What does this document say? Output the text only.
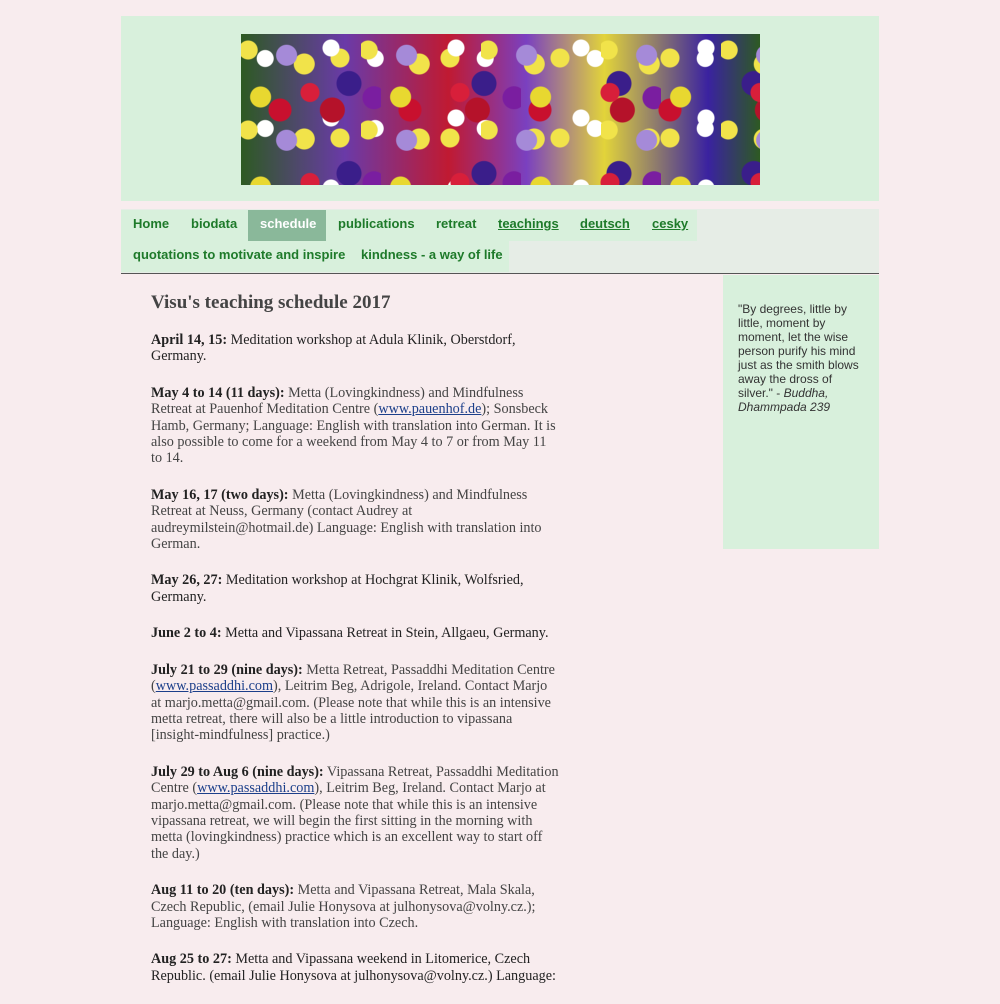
Home	biodata	schedule	publications	retreat	teachings	deutsch	cesky
quotations to motivate and inspire	kindness - a way of life
Visu's teaching schedule 2017

April 14, 15: Meditation workshop at Adula Klinik, Oberstdorf, Germany.

May 4 to 14 (11 days): Metta (Lovingkindness) and Mindfulness Retreat at Pauenhof Meditation Centre (www.pauenhof.de); Sonsbeck Hamb, Germany; Language: English with translation into German. It is also possible to come for a weekend from May 4 to 7 or from May 11 to 14.

May 16, 17 (two days): Metta (Lovingkindness) and Mindfulness Retreat at Neuss, Germany (contact Audrey at audreymilstein@hotmail.de) Language: English with translation into German.

May 26, 27: Meditation workshop at Hochgrat Klinik, Wolfsried, Germany.

June 2 to 4: Metta and Vipassana Retreat in Stein, Allgaeu, Germany.

July 21 to 29 (nine days): Metta Retreat, Passaddhi Meditation Centre (www.passaddhi.com), Leitrim Beg, Adrigole, Ireland. Contact Marjo at marjo.metta@gmail.com. (Please note that while this is an intensive metta retreat, there will also be a little introduction to vipassana [insight-mindfulness] practice.)

July 29 to Aug 6 (nine days): Vipassana Retreat, Passaddhi Meditation Centre (www.passaddhi.com), Leitrim Beg, Ireland. Contact Marjo at marjo.metta@gmail.com. (Please note that while this is an intensive vipassana retreat, we will begin the first sitting in the morning with metta (lovingkindness) practice which is an excellent way to start off the day.)

Aug 11 to 20 (ten days): Metta and Vipassana Retreat, Mala Skala, Czech Republic, (email Julie Honysova at julhonysova@volny.cz.); Language: English with translation into Czech.

Aug 25 to 27: Metta and Vipassana weekend in Litomerice, Czech Republic. (email Julie Honysova at julhonysova@volny.cz.) Language:

"By degrees, little by little, moment by moment, let the wise person purify his mind just as the smith blows away the dross of silver." - Buddha, Dhammpada 239
